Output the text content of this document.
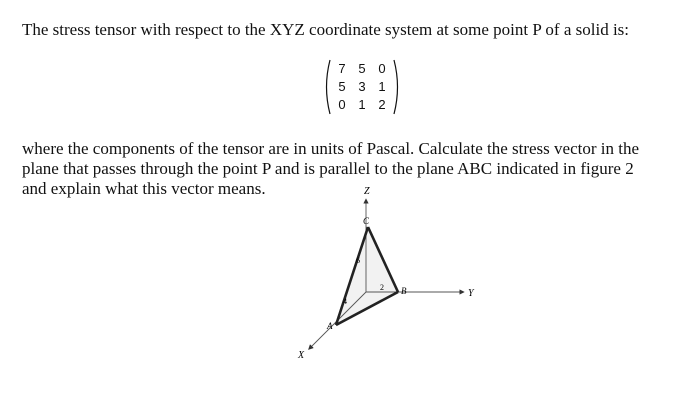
The stress tensor with respect to the XYZ coordinate system at some point P of a solid is:
7 5 0
5 3 1
0 1 2
where the components of the tensor are in units of Pascal. Calculate the stress vector in the
plane that passes through the point P and is parallel to the plane ABC indicated in figure 2
and explain what this vector means.	Z
Y
X
C
B
A
6
2
4
